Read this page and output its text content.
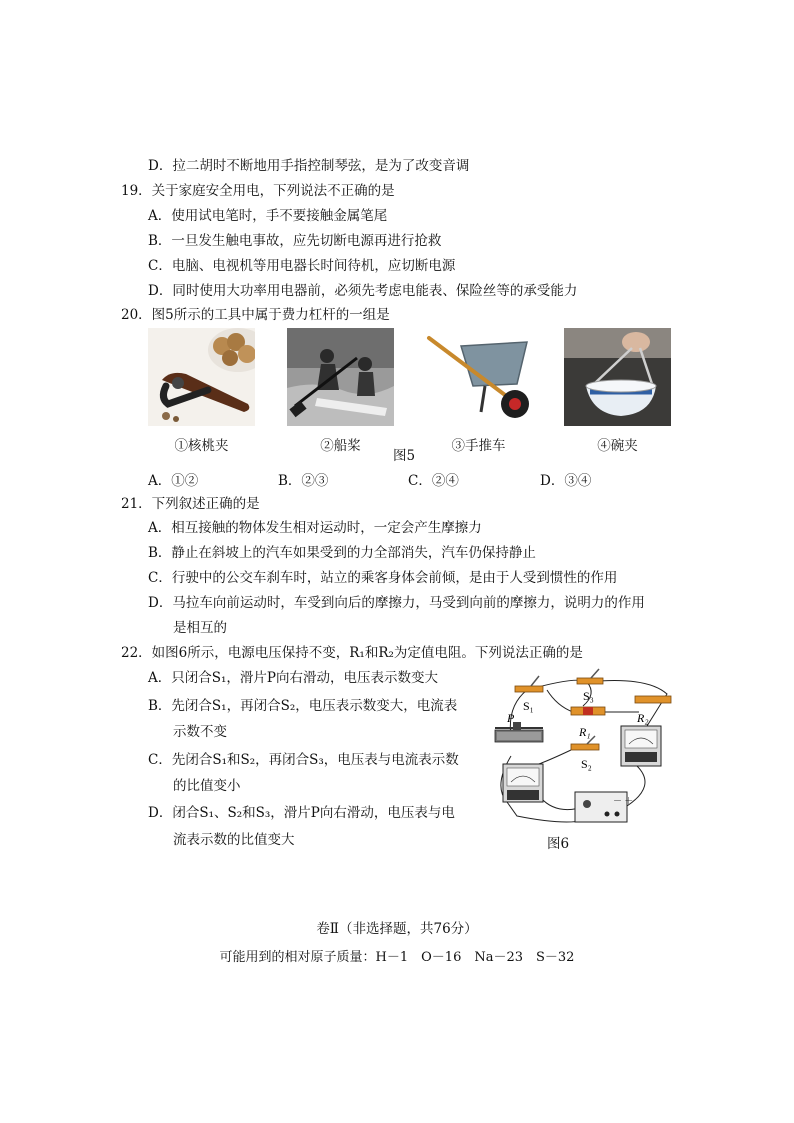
D．拉二胡时不断地用手指控制琴弦，是为了改变音调
19．关于家庭安全用电，下列说法不正确的是
A．使用试电笔时，手不要接触金属笔尾
B．一旦发生触电事故，应先切断电源再进行抢救
C．电脑、电视机等用电器长时间待机，应切断电源
D．同时使用大功率用电器前，必须先考虑电能表、保险丝等的承受能力
20．图5所示的工具中属于费力杠杆的一组是
①核桃夹	②船桨	③手推车	④碗夹
图5
A．①②	B．②③	C．②④	D．③④
21．下列叙述正确的是
A．相互接触的物体发生相对运动时，一定会产生摩擦力
B．静止在斜坡上的汽车如果受到的力全部消失，汽车仍保持静止
C．行驶中的公交车刹车时，站立的乘客身体会前倾，是由于人受到惯性的作用
D．马拉车向前运动时，车受到向后的摩擦力，马受到向前的摩擦力，说明力的作用
是相互的
22．如图6所示，电源电压保持不变，R₁和R₂为定值电阻。下列说法正确的是
A．只闭合S₁，滑片P向右滑动，电压表示数变大
B．先闭合S₁，再闭合S₂，电压表示数变大，电流表
示数不变
C．先闭合S₁和S₂，再闭合S₃，电压表与电流表示数
的比值变小
D．闭合S₁、S₂和S₃，滑片P向右滑动，电压表与电
流表示数的比值变大
－ ＋
S₁
S₃
R₂
R₁
S₂
P
图6
卷Ⅱ（非选择题，共76分）
可能用到的相对原子质量：H－1　O－16　Na－23　S－32
